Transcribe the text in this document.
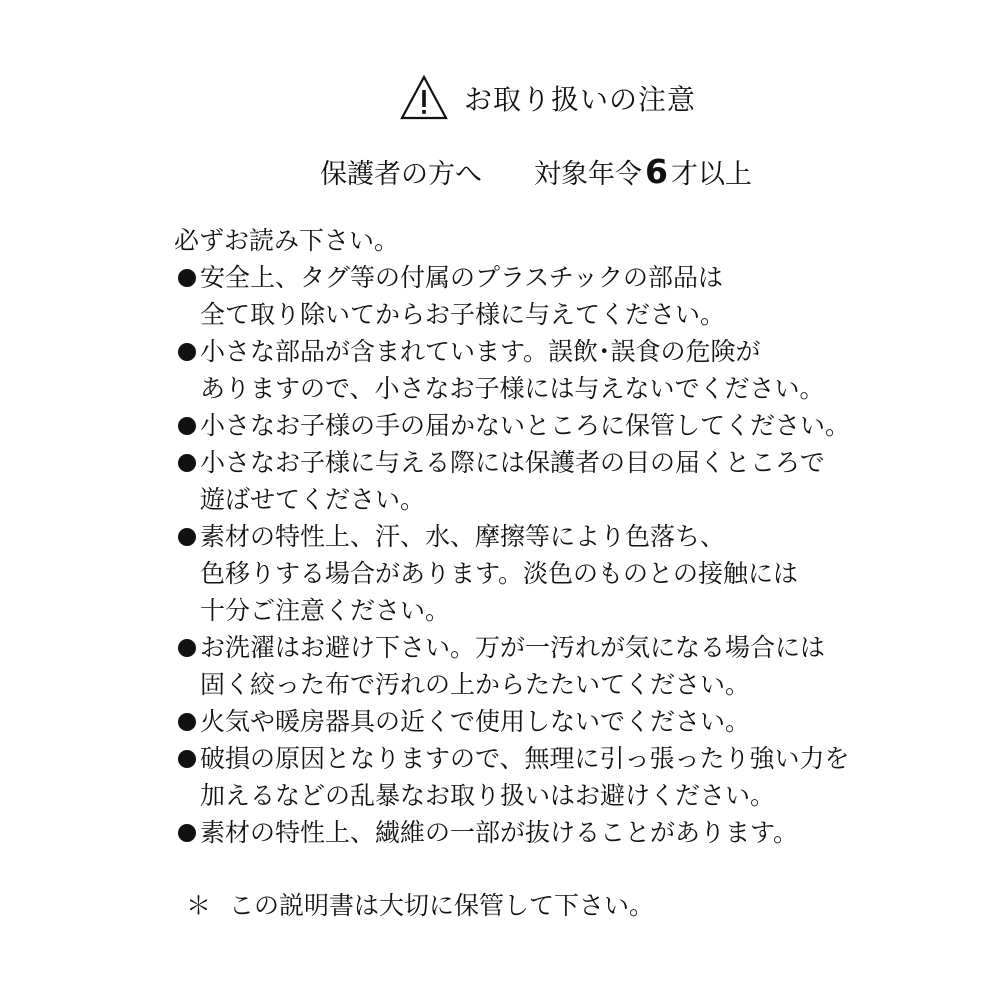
お取り扱いの注意
保護者の方へ 対象年令 6 才以上
必ずお読み下さい。
安全上、タグ等の付属のプラスチックの部品は
全て取り除いてからお子様に与えてください。
小さな部品が含まれています。誤飲･誤食の危険が
ありますので、小さなお子様には与えないでください。
小さなお子様の手の届かないところに保管してください。
小さなお子様に与える際には保護者の目の届くところで
遊ばせてください。
素材の特性上、汗、水、摩擦等により色落ち、
色移りする場合があります。淡色のものとの接触には
十分ご注意ください。
お洗濯はお避け下さい。万が一汚れが気になる場合には
固く絞った布で汚れの上からたたいてください。
火気や暖房器具の近くで使用しないでください。
破損の原因となりますので、無理に引っ張ったり強い力を
加えるなどの乱暴なお取り扱いはお避けください。
素材の特性上、繊維の一部が抜けることがあります。
＊ この説明書は大切に保管して下さい。
